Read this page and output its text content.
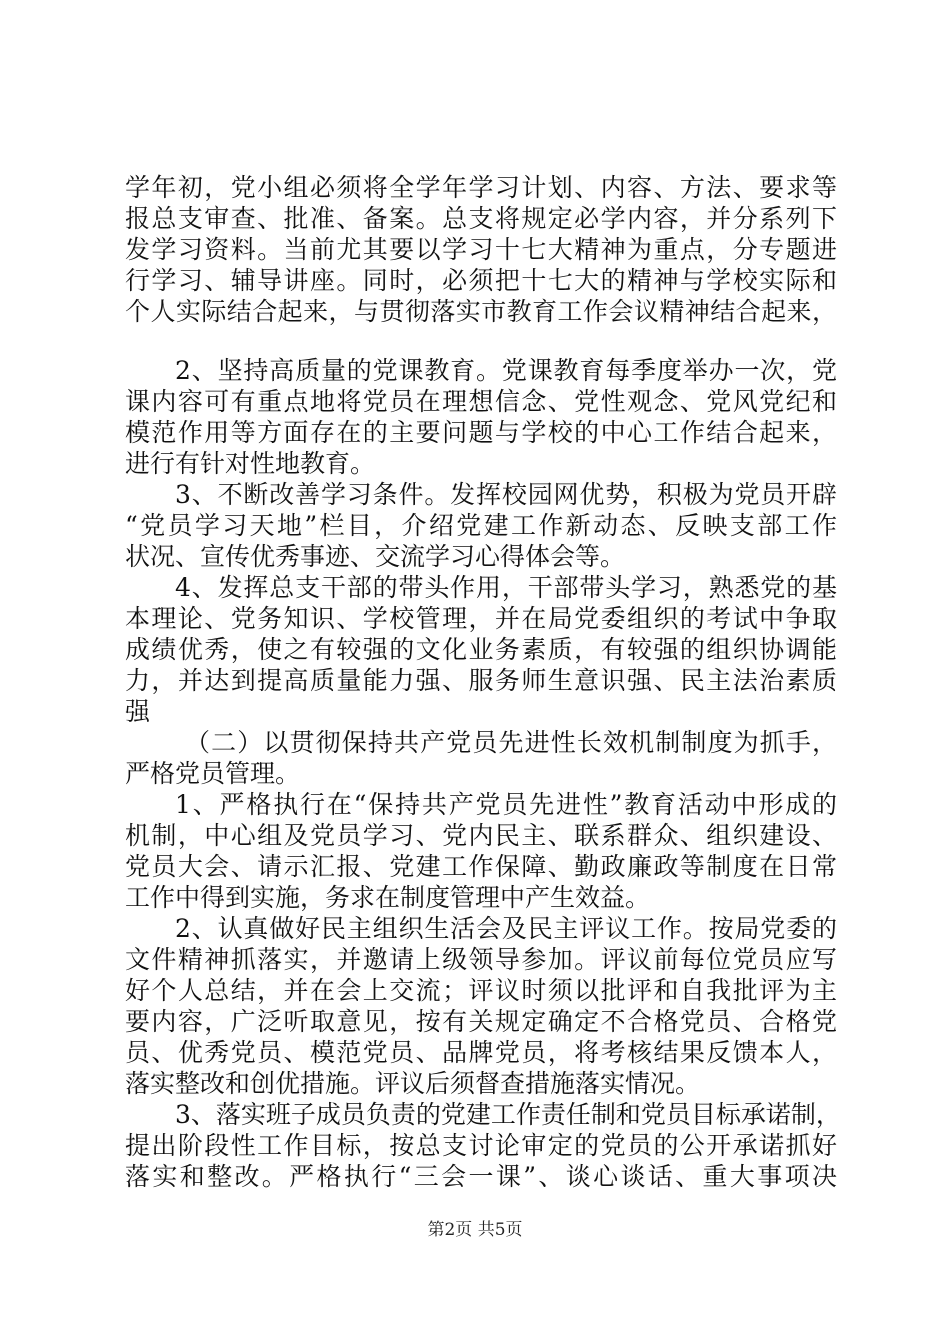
学年初，党小组必须将全学年学习计划、内容、方法、要求等
报总支审查、批准、备案。总支将规定必学内容，并分系列下
发学习资料。当前尤其要以学习十七大精神为重点，分专题进
行学习、辅导讲座。同时，必须把十七大的精神与学校实际和
个人实际结合起来，与贯彻落实市教育工作会议精神结合起来，
2、坚持高质量的党课教育。党课教育每季度举办一次，党
课内容可有重点地将党员在理想信念、党性观念、党风党纪和
模范作用等方面存在的主要问题与学校的中心工作结合起来，
进行有针对性地教育。
3、不断改善学习条件。发挥校园网优势，积极为党员开辟
“党员学习天地”栏目，介绍党建工作新动态、反映支部工作
状况、宣传优秀事迹、交流学习心得体会等。
4、发挥总支干部的带头作用，干部带头学习，熟悉党的基
本理论、党务知识、学校管理，并在局党委组织的考试中争取
成绩优秀，使之有较强的文化业务素质，有较强的组织协调能
力，并达到提高质量能力强、服务师生意识强、民主法治素质
强
（二）以贯彻保持共产党员先进性长效机制制度为抓手，
严格党员管理。
1、严格执行在“保持共产党员先进性”教育活动中形成的
机制，中心组及党员学习、党内民主、联系群众、组织建设、
党员大会、请示汇报、党建工作保障、勤政廉政等制度在日常
工作中得到实施，务求在制度管理中产生效益。
2、认真做好民主组织生活会及民主评议工作。按局党委的
文件精神抓落实，并邀请上级领导参加。评议前每位党员应写
好个人总结，并在会上交流；评议时须以批评和自我批评为主
要内容，广泛听取意见，按有关规定确定不合格党员、合格党
员、优秀党员、模范党员、品牌党员，将考核结果反馈本人，
落实整改和创优措施。评议后须督查措施落实情况。
3、落实班子成员负责的党建工作责任制和党员目标承诺制，
提出阶段性工作目标，按总支讨论审定的党员的公开承诺抓好
落实和整改。严格执行“三会一课”、谈心谈话、重大事项决
第2页 共5页
